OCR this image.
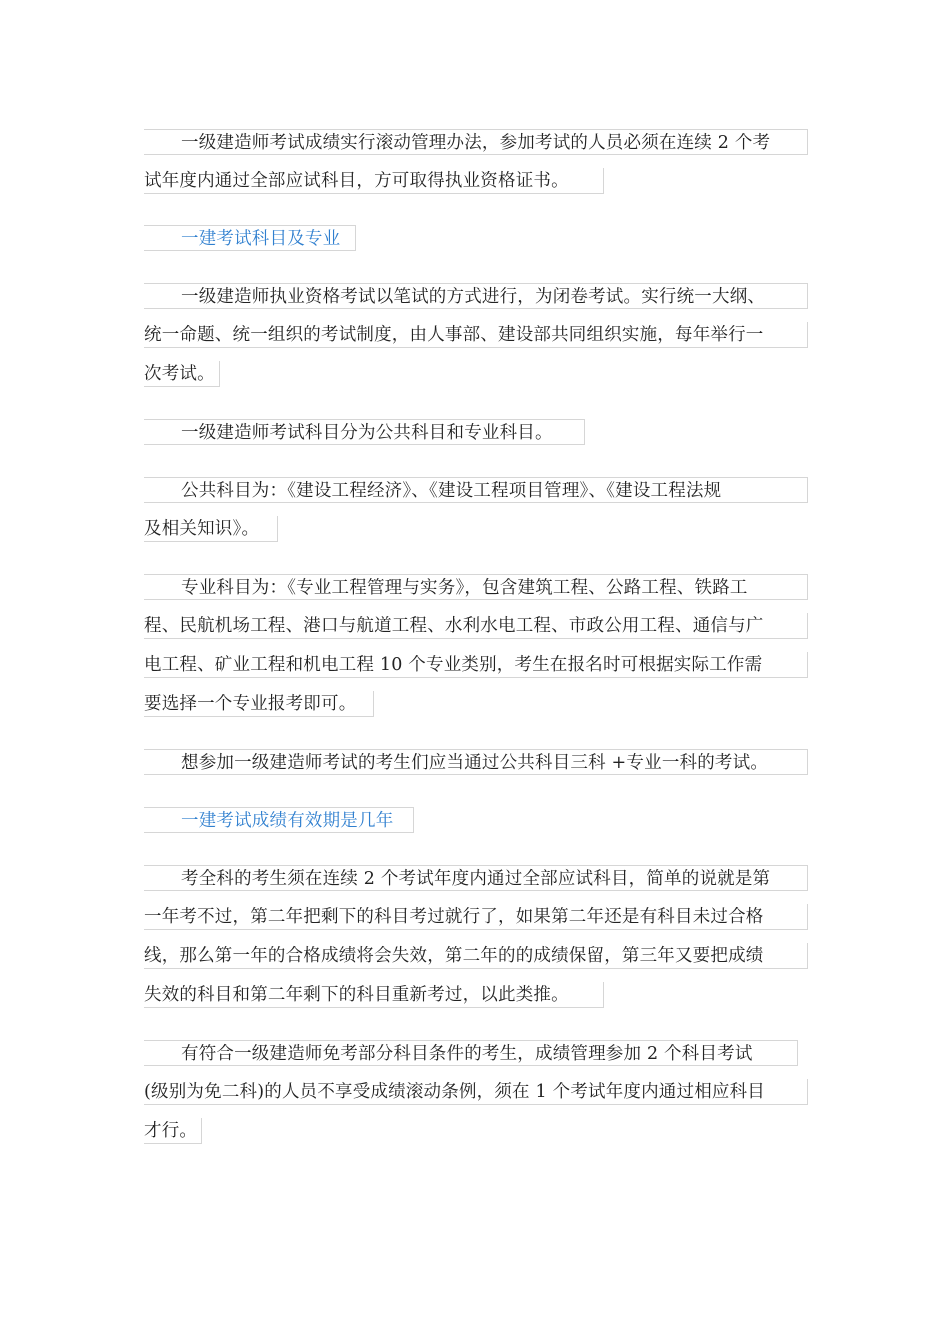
一级建造师考试成绩实行滚动管理办法，参加考试的人员必须在连续 2 个考
试年度内通过全部应试科目，方可取得执业资格证书。
一建考试科目及专业
一级建造师执业资格考试以笔试的方式进行，为闭卷考试。实行统一大纲、
统一命题、统一组织的考试制度，由人事部、建设部共同组织实施，每年举行一
次考试。
一级建造师考试科目分为公共科目和专业科目。
公共科目为：《建设工程经济》、《建设工程项目管理》、《建设工程法规
及相关知识》。
专业科目为：《专业工程管理与实务》，包含建筑工程、公路工程、铁路工
程、民航机场工程、港口与航道工程、水利水电工程、市政公用工程、通信与广
电工程、矿业工程和机电工程 10 个专业类别，考生在报名时可根据实际工作需
要选择一个专业报考即可。
想参加一级建造师考试的考生们应当通过公共科目三科 +专业一科的考试。
一建考试成绩有效期是几年
考全科的考生须在连续 2 个考试年度内通过全部应试科目，简单的说就是第
一年考不过，第二年把剩下的科目考过就行了，如果第二年还是有科目未过合格
线，那么第一年的合格成绩将会失效，第二年的的成绩保留，第三年又要把成绩
失效的科目和第二年剩下的科目重新考过，以此类推。
有符合一级建造师免考部分科目条件的考生，成绩管理参加 2 个科目考试
(级别为免二科)的人员不享受成绩滚动条例，须在 1 个考试年度内通过相应科目
才行。
